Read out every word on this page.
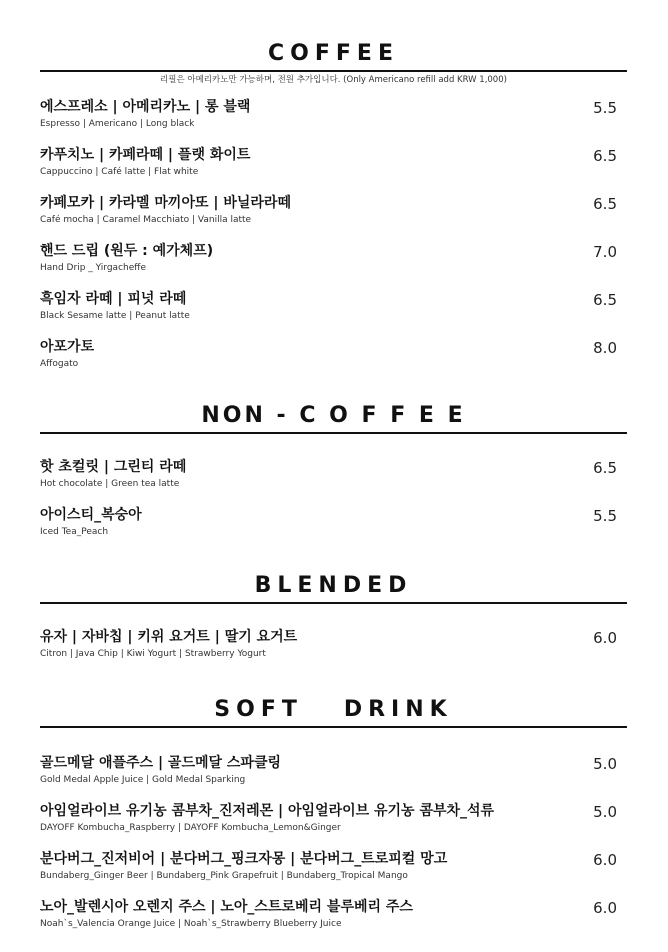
COFFEE
리필은 아메리카노만 가능하며, 전원 추가입니다. (Only Americano refill add KRW 1,000)
에스프레소 | 아메리카노 | 롱 블랙
Espresso | Americano | Long black
5.5
카푸치노 | 카페라떼 | 플랫 화이트
Cappuccino | Café latte | Flat white
6.5
카페모카 | 카라멜 마끼아또 | 바닐라라떼
Café mocha | Caramel Macchiato | Vanilla latte
6.5
핸드 드립 (원두 : 예가체프)
Hand Drip _ Yirgacheffe
7.0
흑임자 라떼 | 피넛 라떼
Black Sesame latte | Peanut latte
6.5
아포가토
Affogato
8.0
NON - C O F F E E
핫 초컬릿 | 그린티 라떼
Hot chocolate | Green tea latte
6.5
아이스티_복숭아
Iced Tea_Peach
5.5
BLENDED
유자 | 자바칩 | 키위 요거트 | 딸기 요거트
Citron | Java Chip | Kiwi Yogurt | Strawberry Yogurt
6.0
SOFT   DRINK
골드메달 애플주스 | 골드메달 스파클링
Gold Medal Apple Juice | Gold Medal Sparking
5.0
아임얼라이브 유기농 콤부차_진저레몬 | 아임얼라이브 유기농 콤부차_석류
DAYOFF Kombucha_Raspberry | DAYOFF Kombucha_Lemon&Ginger
5.0
분다버그_진저비어 | 분다버그_핑크자몽 | 분다버그_트로피컬 망고
Bundaberg_Ginger Beer | Bundaberg_Pink Grapefruit | Bundaberg_Tropical Mango
6.0
노아_발렌시아 오렌지 주스 | 노아_스트로베리 블루베리 주스
Noah`s_Valencia Orange Juice | Noah`s_Strawberry Blueberry Juice
6.0
